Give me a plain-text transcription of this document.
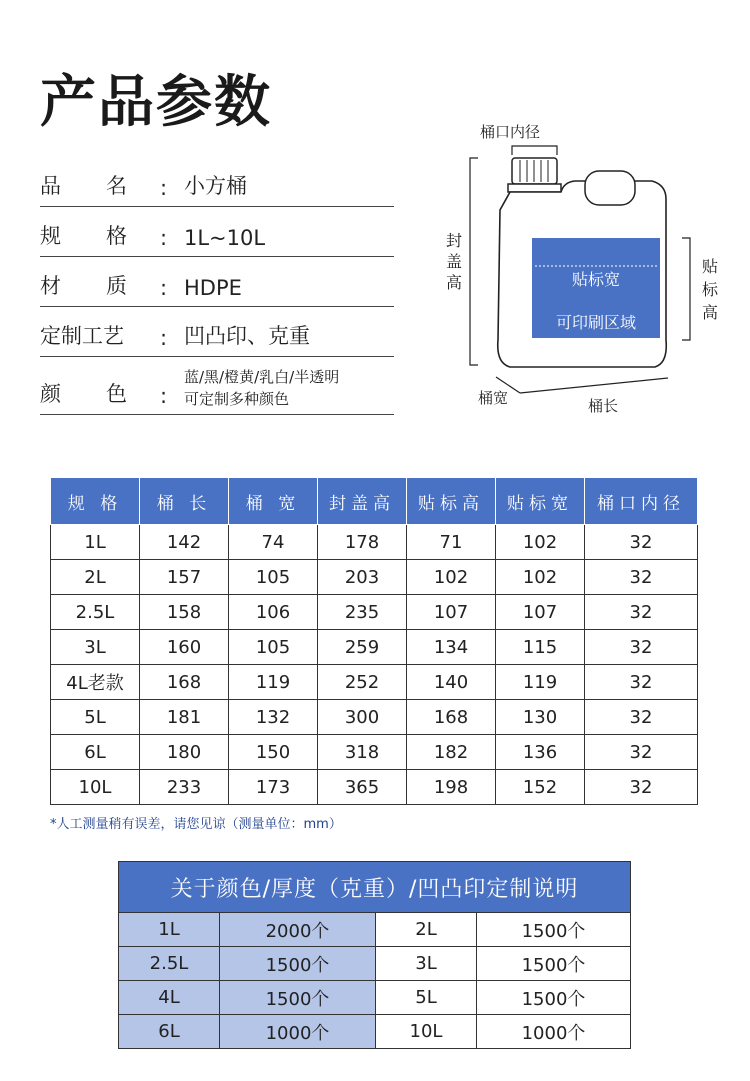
产品参数
品 名 : 小方桶
规 格 : 1L~10L
材 质 : HDPE
定制工艺 : 凹凸印、克重
颜 色 :
蓝/黑/橙黄/乳白/半透明
可定制多种颜色
桶口内径
贴标宽
可印刷区域
封
盖
高
贴
标
高
桶宽	桶长
规 格	桶 长	桶 宽	封盖高	贴标高	贴标宽	桶口内径
1L	142	74	178	71	102	32
2L	157	105	203	102	102	32
2.5L	158	106	235	107	107	32
3L	160	105	259	134	115	32
4L老款	168	119	252	140	119	32
5L	181	132	300	168	130	32
6L	180	150	318	182	136	32
10L	233	173	365	198	152	32
*人工测量稍有误差，请您见谅（测量单位：mm）
关于颜色/厚度（克重）/凹凸印定制说明			
1L	2000个	2L	1500个
2.5L	1500个	3L	1500个
4L	1500个	5L	1500个
6L	1000个	10L	1000个
